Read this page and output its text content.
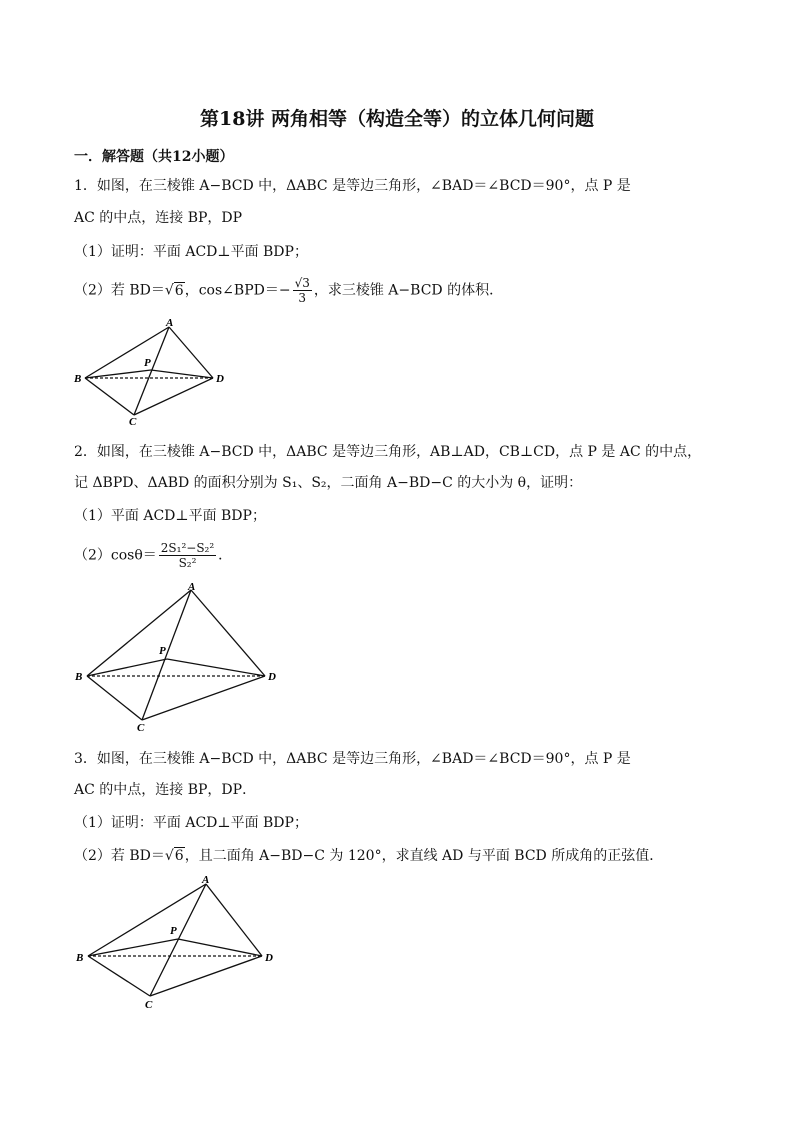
第18讲 两角相等（构造全等）的立体几何问题
一．解答题（共12小题）
1．如图，在三棱锥 A−BCD 中，ΔABC 是等边三角形，∠BAD＝∠BCD＝90°，点 P 是
AC 的中点，连接 BP，DP
（1）证明：平面 ACD⊥平面 BDP；
（2）若 BD＝√6，cos∠BPD＝− $\frac{√3}{3}$ ，求三棱锥 A−BCD 的体积．
A
B
C
D
P
2．如图，在三棱锥 A−BCD 中，ΔABC 是等边三角形，AB⊥AD，CB⊥CD，点 P 是 AC 的中点，
记 ΔBPD、ΔABD 的面积分别为 S₁、S₂，二面角 A−BD−C 的大小为 θ，证明：
（1）平面 ACD⊥平面 BDP；
$(2)\cos\theta= \frac{\text{2S₁²−S₂²}}{\text{S₂²}}$ ．
A
B
C
D
P
3．如图，在三棱锥 A−BCD 中，ΔABC 是等边三角形，∠BAD＝∠BCD＝90°，点 P 是
AC 的中点，连接 BP，DP．
（1）证明：平面 ACD⊥平面 BDP；
（2）若 BD＝√6，且二面角 A−BD−C 为 120°，求直线 AD 与平面 BCD 所成角的正弦值．
A
B
C
D
P
